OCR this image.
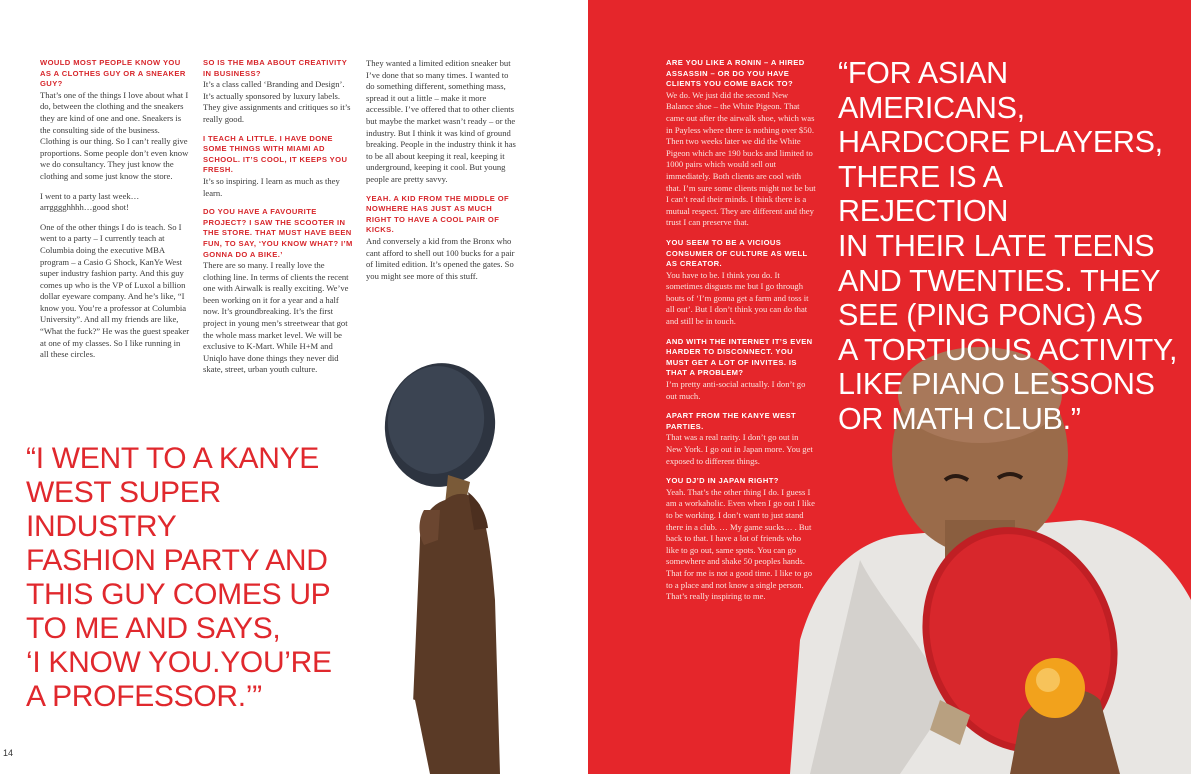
WOULD MOST PEOPLE KNOW YOU AS A CLOTHES GUY OR A SNEAKER GUY?

That’s one of the things I love about what I do, between the clothing and the sneakers they are kind of one and one. Sneakers is the consulting side of the business. Clothing is our thing. So I can’t really give proportions. Some people don’t even know we do consultancy. They just know the clothing and some just know the store.

I went to a party last week… arrgggghhhh…good shot!

One of the other things I do is teach. So I went to a party – I currently teach at Columbia doing the executive MBA program – a Casio G Shock, KanYe West super industry fashion party. And this guy comes up who is the VP of Luxol a billion dollar eyeware company. And he’s like, “I know you. You’re a professor at Columbia University”. And all my friends are like, “What the fuck?” He was the guest speaker at one of my classes. So I like running in all these circles.

SO IS THE MBA ABOUT CREATIVITY IN BUSINESS?

It’s a class called ‘Branding and Design’. It’s actually sponsored by luxury labels. They give assignments and critiques so it’s really good.

I TEACH A LITTLE. I HAVE DONE SOME THINGS WITH MIAMI AD SCHOOL. IT’S COOL, IT KEEPS YOU FRESH.

It’s so inspiring. I learn as much as they learn.

DO YOU HAVE A FAVOURITE PROJECT? I SAW THE SCOOTER IN THE STORE. THAT MUST HAVE BEEN FUN, TO SAY, ‘YOU KNOW WHAT? I’M GONNA DO A BIKE.’

There are so many. I really love the clothing line. In terms of clients the recent one with Airwalk is really exciting. We’ve been working on it for a year and a half now. It’s groundbreaking. It’s the first project in young men’s streetwear that got the whole mass market level. We will be exclusive to K-Mart. While H+M and Uniqlo have done things they never did skate, street, urban youth culture.

They wanted a limited edition sneaker but I’ve done that so many times. I wanted to do something different, something mass, spread it out a little – make it more accessible. I’ve offered that to other clients but maybe the market wasn’t ready – or the industry. But I think it was kind of ground breaking. People in the industry think it has to be all about keeping it real, keeping it underground, keeping it cool. But young people are pretty savvy.

YEAH. A KID FROM THE MIDDLE OF NOWHERE HAS JUST AS MUCH RIGHT TO HAVE A COOL PAIR OF KICKS.

And conversely a kid from the Bronx who cant afford to shell out 100 bucks for a pair of limited edition. It’s opened the gates. So you might see more of this stuff.

ARE YOU LIKE A RONIN – A HIRED ASSASSIN – OR DO YOU HAVE CLIENTS YOU COME BACK TO?

We do. We just did the second New Balance shoe – the White Pigeon. That came out after the airwalk shoe, which was in Payless where there is nothing over $50. Then two weeks later we did the White Pigeon which are 190 bucks and limited to 1000 pairs which would sell out immediately. Both clients are cool with that. I’m sure some clients might not be but I can’t read their minds. I think there is a mutual respect. They are different and they trust I can preserve that.

YOU SEEM TO BE A VICIOUS CONSUMER OF CULTURE AS WELL AS CREATOR.

You have to be. I think you do. It sometimes disgusts me but I go through bouts of ‘I’m gonna get a farm and toss it all out’. But I don’t think you can do that and still be in touch.

AND WITH THE INTERNET IT’S EVEN HARDER TO DISCONNECT. YOU MUST GET A LOT OF INVITES. IS THAT A PROBLEM?

I’m pretty anti-social actually. I don’t go out much.

APART FROM THE KANYE WEST PARTIES.

That was a real rarity. I don’t go out in New York. I go out in Japan more. You get exposed to different things.

YOU DJ’D IN JAPAN RIGHT?

Yeah. That’s the other thing I do. I guess I am a workaholic. Even when I go out I like to be working. I don’t want to just stand there in a club. … My game sucks… . But back to that. I have a lot of friends who like to go out, same spots. You can go somewhere and shake 50 peoples hands. That for me is not a good time. I like to go to a place and not know a single person. That’s really inspiring to me.

“I WENT TO A KANYE
WEST SUPER INDUSTRY
FASHION PARTY AND
THIS GUY COMES UP
TO ME AND SAYS,
‘I KNOW YOU.YOU’RE
A PROFESSOR.’”
“FOR ASIAN AMERICANS,
HARDCORE PLAYERS,
THERE IS A REJECTION
IN THEIR LATE TEENS
AND TWENTIES. THEY
SEE (PING PONG) AS
A TORTUOUS ACTIVITY,
LIKE PIANO LESSONS
OR MATH CLUB.”
14
